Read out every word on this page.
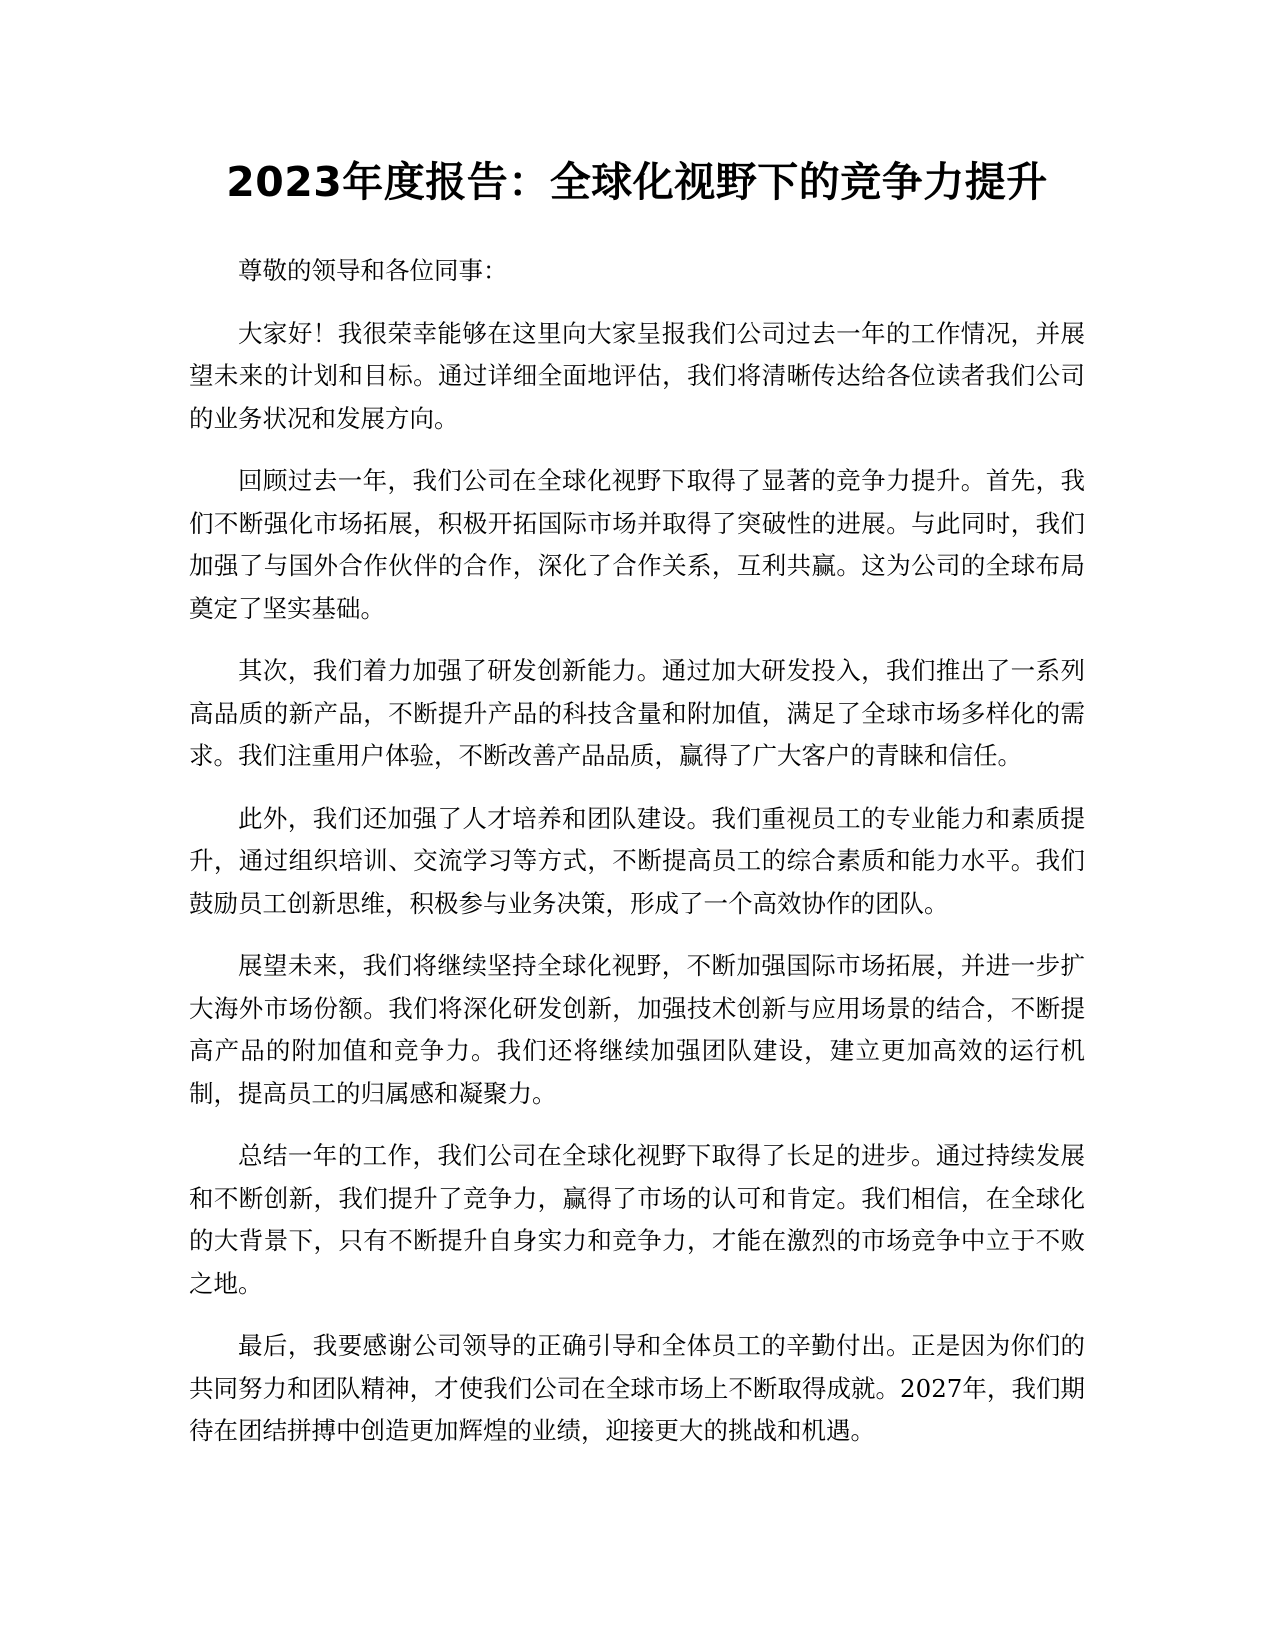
2023年度报告：全球化视野下的竞争力提升

尊敬的领导和各位同事：

大家好！我很荣幸能够在这里向大家呈报我们公司过去一年的工作情况，并展望未来的计划和目标。通过详细全面地评估，我们将清晰传达给各位读者我们公司的业务状况和发展方向。

回顾过去一年，我们公司在全球化视野下取得了显著的竞争力提升。首先，我们不断强化市场拓展，积极开拓国际市场并取得了突破性的进展。与此同时，我们加强了与国外合作伙伴的合作，深化了合作关系，互利共赢。这为公司的全球布局奠定了坚实基础。

其次，我们着力加强了研发创新能力。通过加大研发投入，我们推出了一系列高品质的新产品，不断提升产品的科技含量和附加值，满足了全球市场多样化的需求。我们注重用户体验，不断改善产品品质，赢得了广大客户的青睐和信任。

此外，我们还加强了人才培养和团队建设。我们重视员工的专业能力和素质提升，通过组织培训、交流学习等方式，不断提高员工的综合素质和能力水平。我们鼓励员工创新思维，积极参与业务决策，形成了一个高效协作的团队。

展望未来，我们将继续坚持全球化视野，不断加强国际市场拓展，并进一步扩大海外市场份额。我们将深化研发创新，加强技术创新与应用场景的结合，不断提高产品的附加值和竞争力。我们还将继续加强团队建设，建立更加高效的运行机制，提高员工的归属感和凝聚力。

总结一年的工作，我们公司在全球化视野下取得了长足的进步。通过持续发展和不断创新，我们提升了竞争力，赢得了市场的认可和肯定。我们相信，在全球化的大背景下，只有不断提升自身实力和竞争力，才能在激烈的市场竞争中立于不败之地。

最后，我要感谢公司领导的正确引导和全体员工的辛勤付出。正是因为你们的共同努力和团队精神，才使我们公司在全球市场上不断取得成就。2027年，我们期待在团结拼搏中创造更加辉煌的业绩，迎接更大的挑战和机遇。
